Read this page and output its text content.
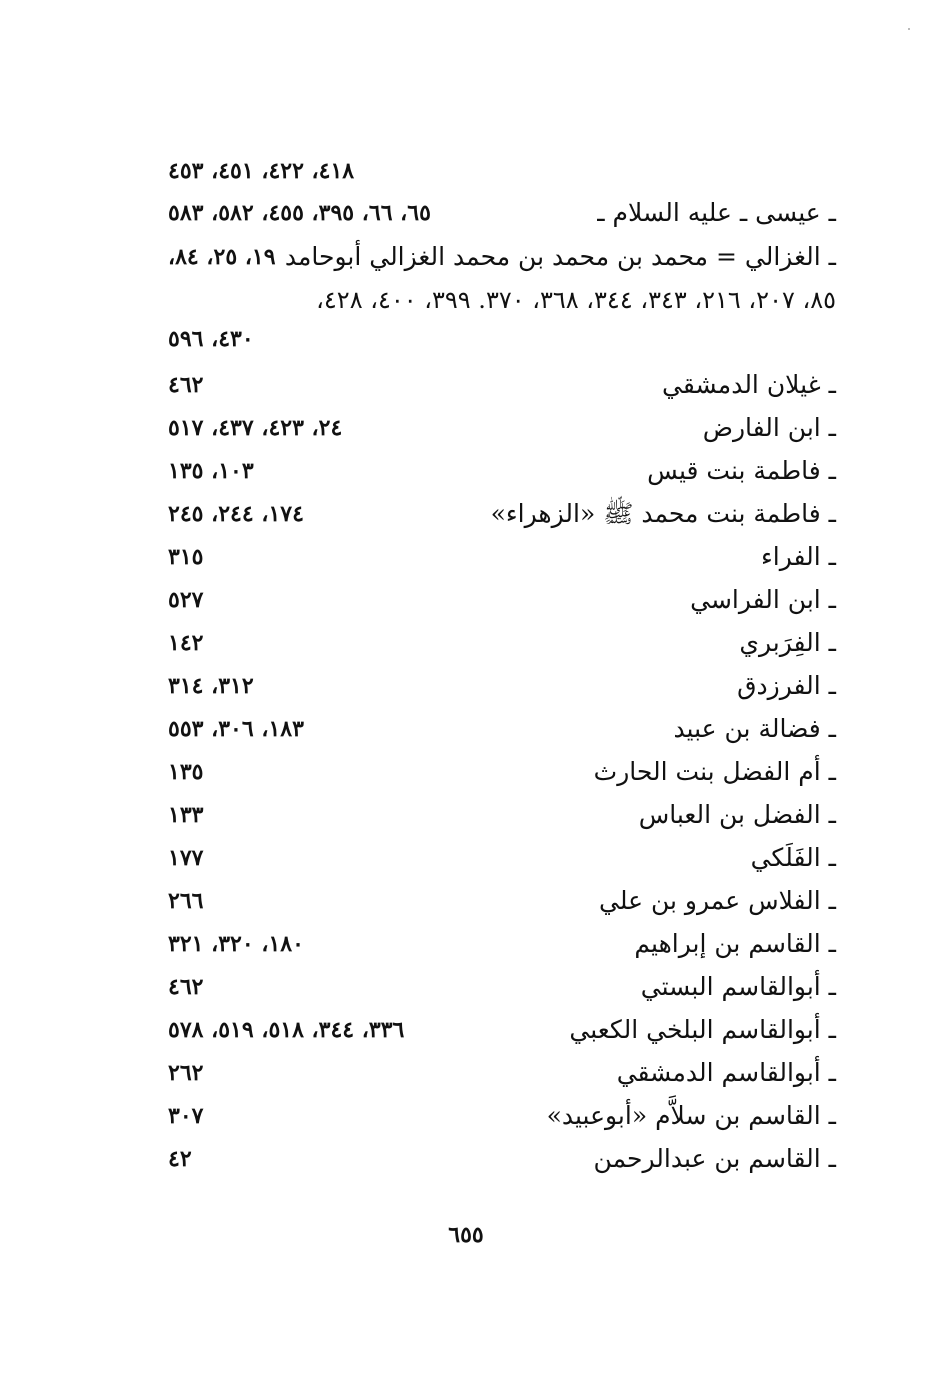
٤١٨، ٤٢٢، ٤٥١، ٤٥٣
ـ عيسى ـ عليه السلام ـ
٦٥، ٦٦، ٣٩٥، ٤٥٥، ٥٨٢، ٥٨٣
ـ الغزالي = محمد بن محمد بن محمد الغزالي أبوحامد
١٩، ٢٥، ٨٤،
٨٥، ٢٠٧، ٢١٦، ٣٤٣، ٣٤٤، ٣٦٨، ٣٧٠. ٣٩٩، ٤٠٠، ٤٢٨،
٤٣٠، ٥٩٦
ـ غيلان الدمشقي
٤٦٢
ـ ابن الفارض
٢٤، ٤٢٣، ٤٣٧، ٥١٧
ـ فاطمة بنت قيس
١٠٣، ١٣٥
ـ فاطمة بنت محمد ﷺ «الزهراء»
١٧٤، ٢٤٤، ٢٤٥
ـ الفراء
٣١٥
ـ ابن الفراسي
٥٢٧
ـ الفِرَبري
١٤٢
ـ الفرزدق
٣١٢، ٣١٤
ـ فضالة بن عبيد
١٨٣، ٣٠٦، ٥٥٣
ـ أم الفضل بنت الحارث
١٣٥
ـ الفضل بن العباس
١٣٣
ـ الفَلَكي
١٧٧
ـ الفلاس عمرو بن علي
٢٦٦
ـ القاسم بن إبراهيم
١٨٠، ٣٢٠، ٣٢١
ـ أبوالقاسم البستي
٤٦٢
ـ أبوالقاسم البلخي الكعبي
٣٣٦، ٣٤٤، ٥١٨، ٥١٩، ٥٧٨
ـ أبوالقاسم الدمشقي
٢٦٢
ـ القاسم بن سلاَّم «أبوعبيد»
٣٠٧
ـ القاسم بن عبدالرحمن
٤٢
٦٥٥
